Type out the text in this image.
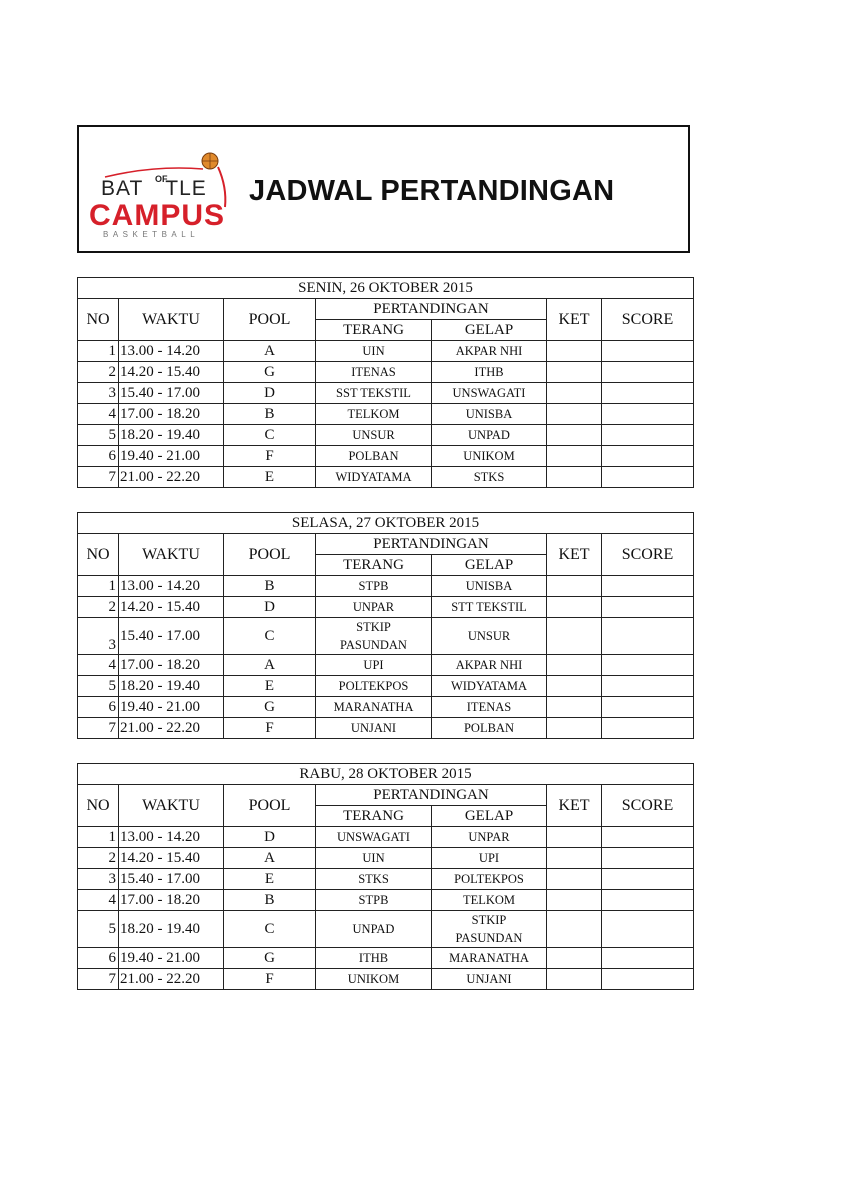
BAT TLE
OF
CAMPUS
BASKETBALL
JADWAL PERTANDINGAN
SENIN, 26 OKTOBER 2015						
NO	WAKTU	POOL	PERTANDINGAN		KET	SCORE
			TERANG	GELAP		
1	13.00 - 14.20	A	UIN	AKPAR NHI		
2	14.20 - 15.40	G	ITENAS	ITHB		
3	15.40 - 17.00	D	SST TEKSTIL	UNSWAGATI		
4	17.00 - 18.20	B	TELKOM	UNISBA		
5	18.20 - 19.40	C	UNSUR	UNPAD		
6	19.40 - 21.00	F	POLBAN	UNIKOM		
7	21.00 - 22.20	E	WIDYATAMA	STKS		
SELASA, 27 OKTOBER 2015						
NO	WAKTU	POOL	PERTANDINGAN		KET	SCORE
			TERANG	GELAP		
1	13.00 - 14.20	B	STPB	UNISBA		
2	14.20 - 15.40	D	UNPAR	STT TEKSTIL		
3	15.40 - 17.00	C	STKIP PASUNDAN	UNSUR		
4	17.00 - 18.20	A	UPI	AKPAR NHI		
5	18.20 - 19.40	E	POLTEKPOS	WIDYATAMA		
6	19.40 - 21.00	G	MARANATHA	ITENAS		
7	21.00 - 22.20	F	UNJANI	POLBAN		
RABU, 28 OKTOBER 2015						
NO	WAKTU	POOL	PERTANDINGAN		KET	SCORE
			TERANG	GELAP		
1	13.00 - 14.20	D	UNSWAGATI	UNPAR		
2	14.20 - 15.40	A	UIN	UPI		
3	15.40 - 17.00	E	STKS	POLTEKPOS		
4	17.00 - 18.20	B	STPB	TELKOM		
5	18.20 - 19.40	C	UNPAD	STKIP PASUNDAN		
6	19.40 - 21.00	G	ITHB	MARANATHA		
7	21.00 - 22.20	F	UNIKOM	UNJANI		
